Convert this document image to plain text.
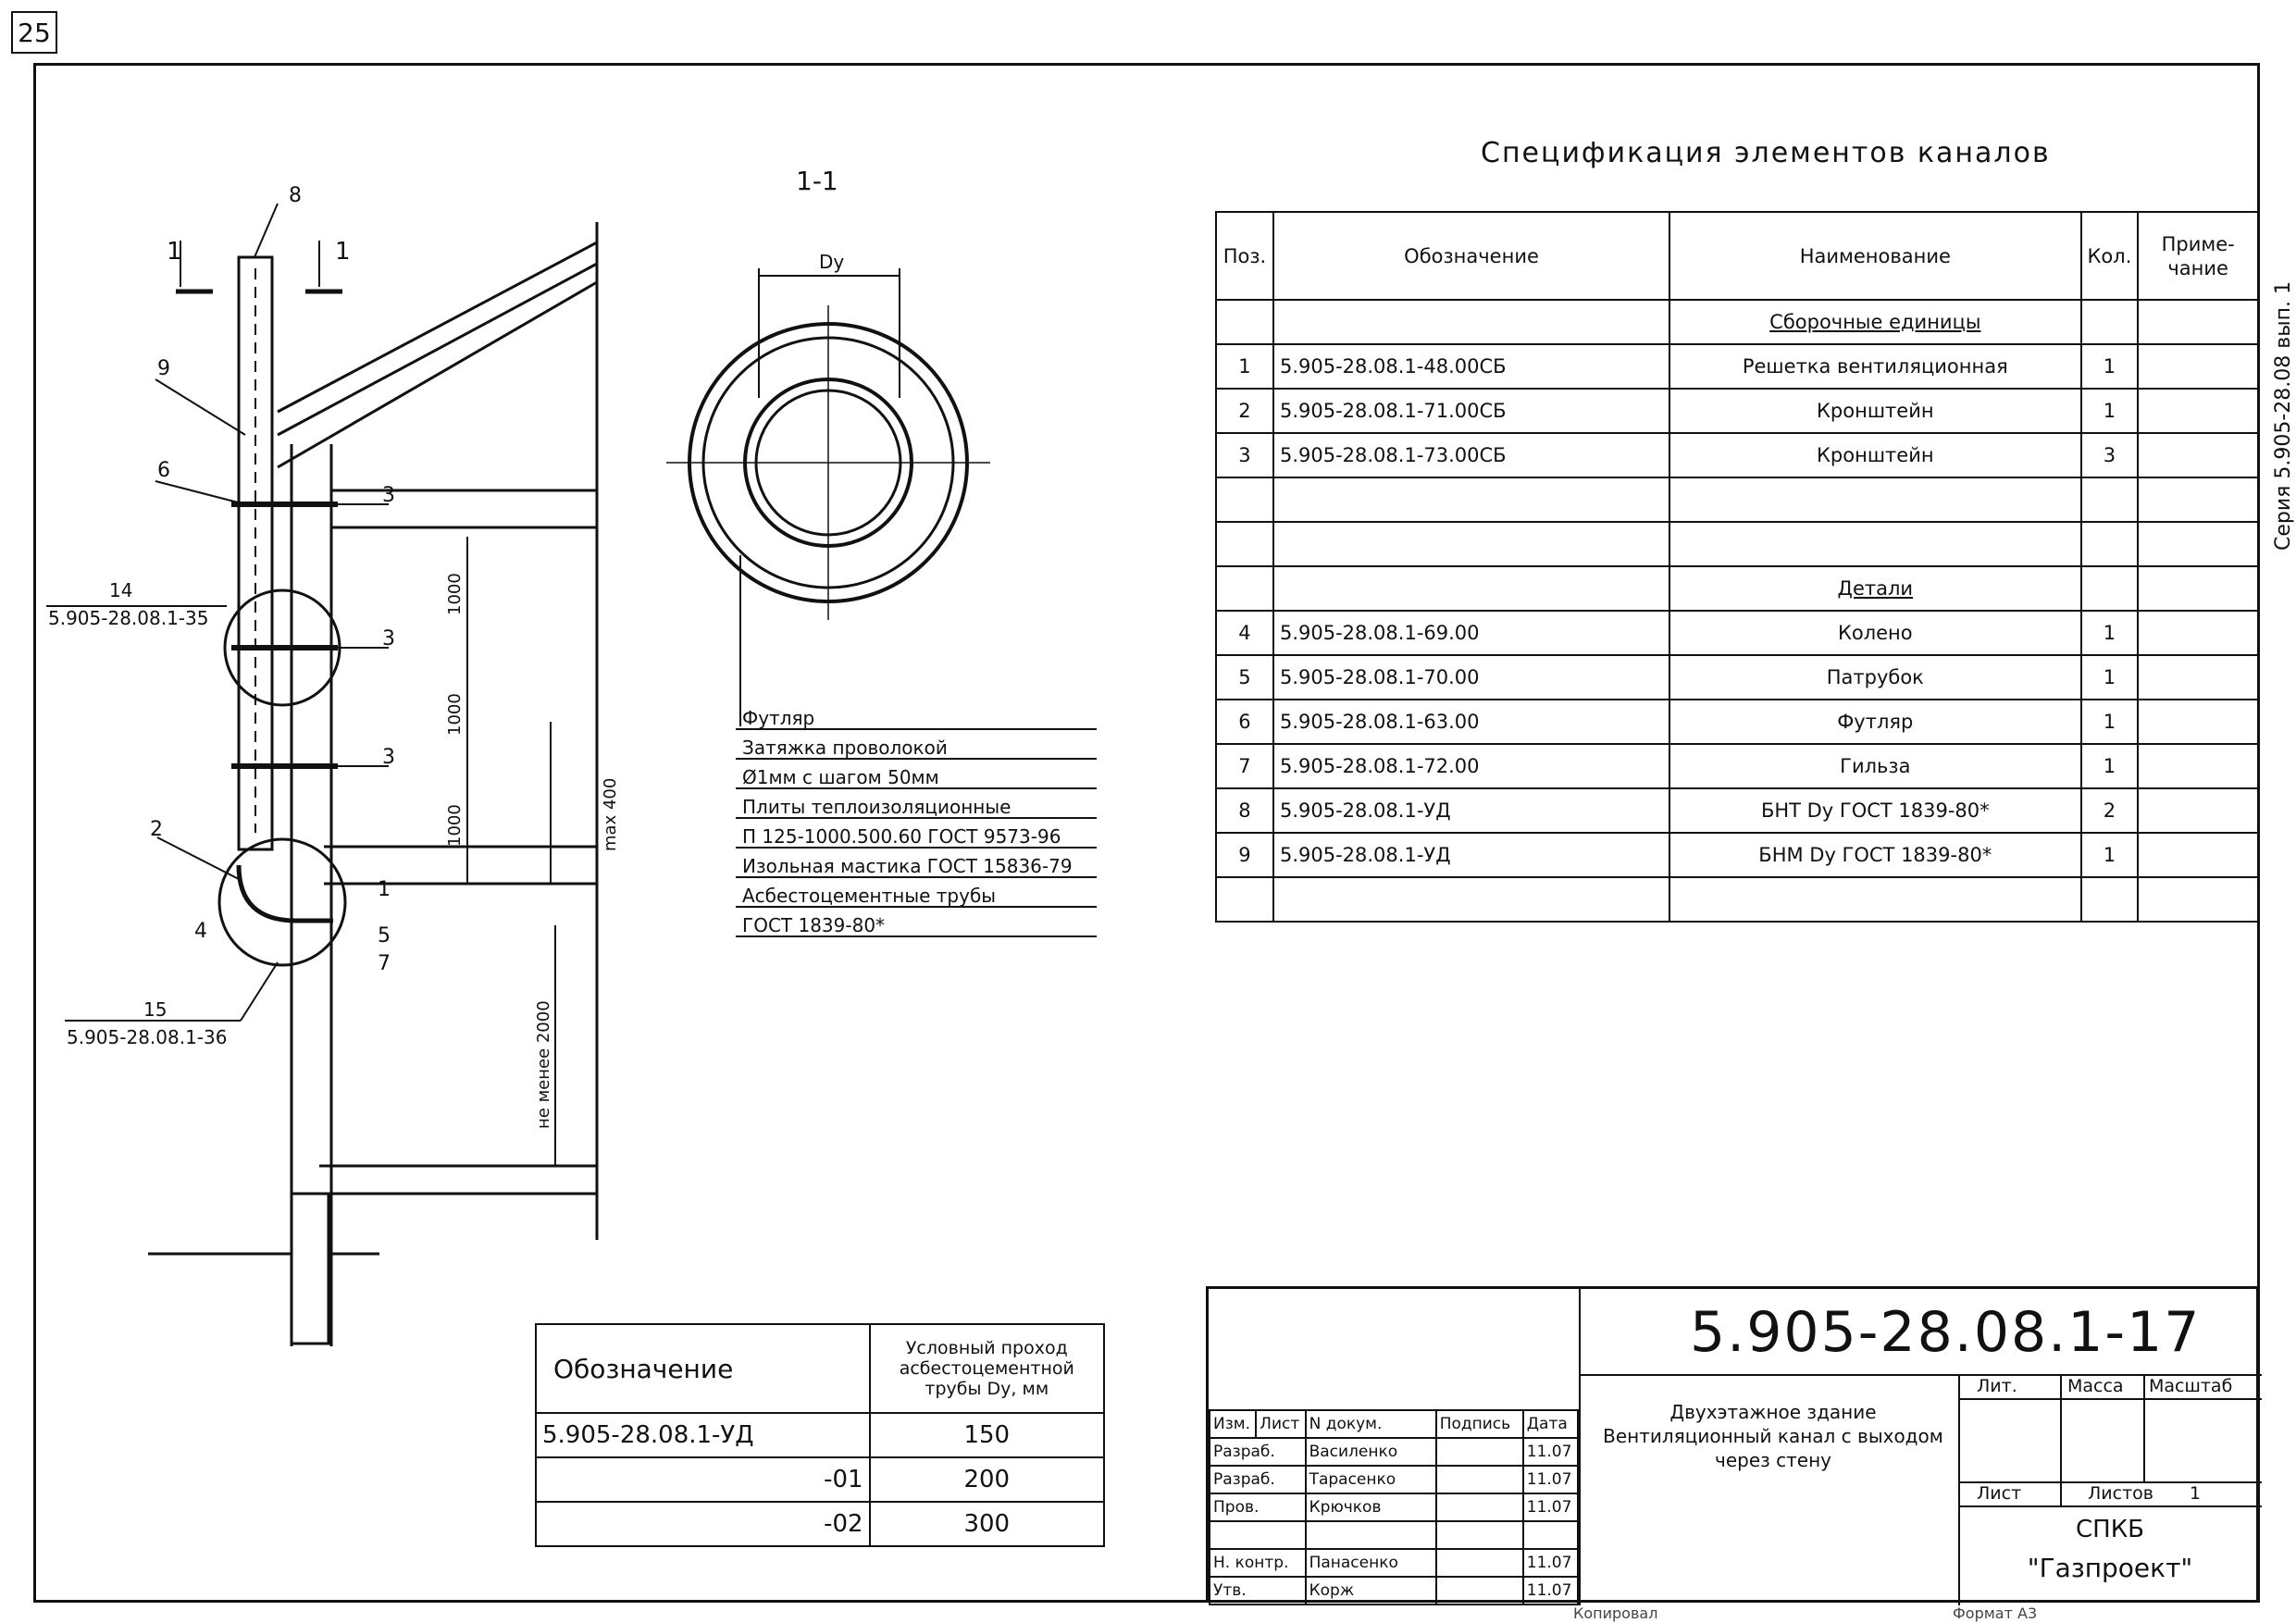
25
Серия 5.905-28.08 вып. 1
1-1
1	1	Dy
8
9
6
3
3
3
2
4
1
5
7
14
5.905-28.08.1-35
15
5.905-28.08.1-36
1000
1000
1000	max 400
не менее 2000
Футляр
Затяжка проволокой
Ø1мм с шагом 50мм
Плиты теплоизоляционные
П 125-1000.500.60 ГОСТ 9573-96
Изольная мастика ГОСТ 15836-79
Асбестоцементные трубы
ГОСТ 1839-80*
Спецификация элементов каналов
Поз.	Обозначение	Наименование	Кол.	Приме-чание
		Сборочные единицы		
1	5.905-28.08.1-48.00СБ	Решетка вентиляционная	1	
2	5.905-28.08.1-71.00СБ	Кронштейн	1	
3	5.905-28.08.1-73.00СБ	Кронштейн	3	

		Детали		
4	5.905-28.08.1-69.00	Колено	1	
5	5.905-28.08.1-70.00	Патрубок	1	
6	5.905-28.08.1-63.00	Футляр	1	
7	5.905-28.08.1-72.00	Гильза	1	
8	5.905-28.08.1-УД	БНТ Dy ГОСТ 1839-80*	2	
9	5.905-28.08.1-УД	БНМ Dy ГОСТ 1839-80*	1	

Обозначение	Условный проход асбестоцементной трубы Dy, мм
5.905-28.08.1-УД	150
-01	200
-02	300
5.905-28.08.1-17
Двухэтажное здание Вентиляционный канал с выходом через стену
Лит.	Масса Масштаб
Лист	Листов 1
СПКБ
"Газпроект"
Изм.	Лист	N докум.	Подпись	Дата
Разраб.		Василенко		11.07
Разраб.		Тарасенко		11.07
Пров.		Крючков		11.07

Н. контр.		Панасенко		11.07
Утв.		Корж		11.07
Копировал	Формат А3
